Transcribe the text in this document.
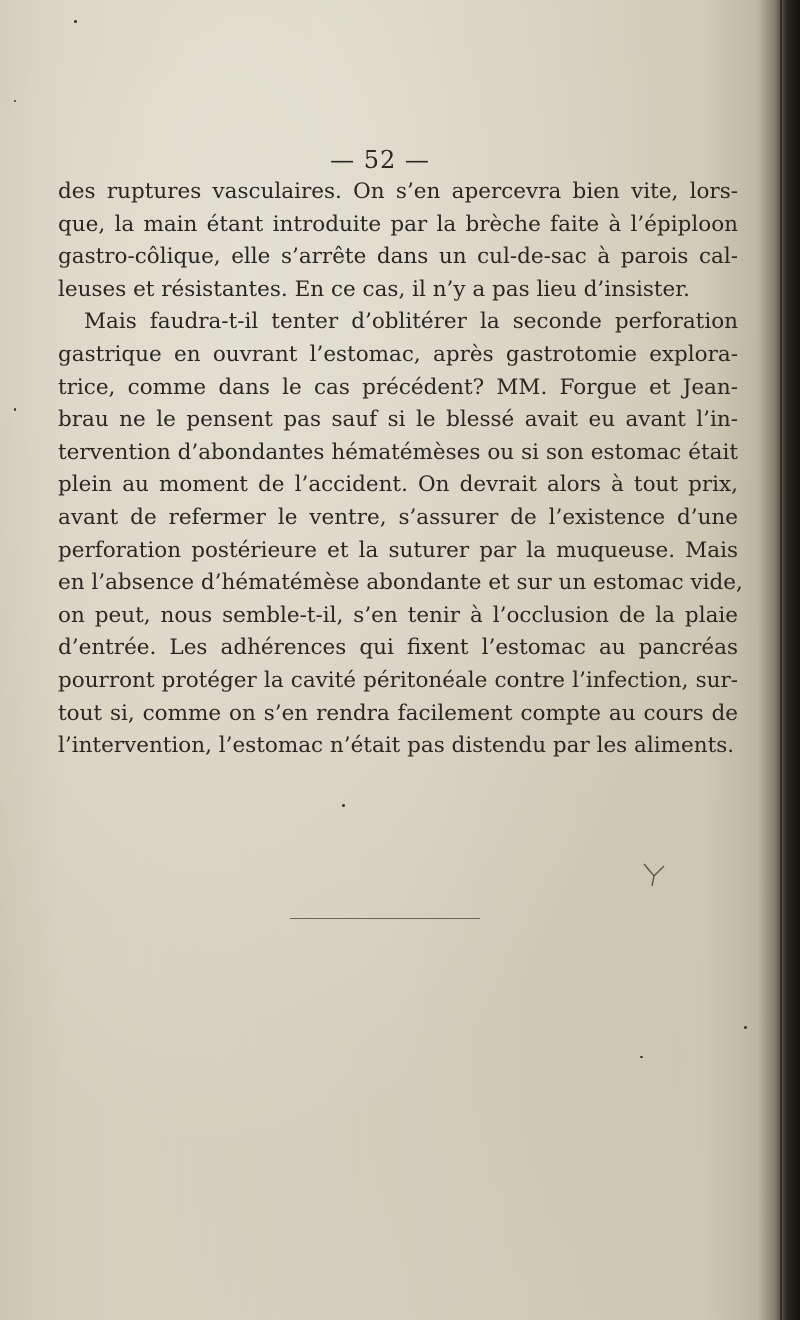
— 52 —
des ruptures vasculaires. On s’en apercevra bien vite, lors-
que, la main étant introduite par la brèche faite à l’épiploon
gastro-côlique, elle s’arrête dans un cul-de-sac à parois cal-
leuses et résistantes. En ce cas, il n’y a pas lieu d’insister.
Mais faudra-t-il tenter d’oblitérer la seconde perforation
gastrique en ouvrant l’estomac, après gastrotomie explora-
trice, comme dans le cas précédent? MM. Forgue et Jean-
brau ne le pensent pas sauf si le blessé avait eu avant l’in-
tervention d’abondantes hématémèses ou si son estomac était
plein au moment de l’accident. On devrait alors à tout prix,
avant de refermer le ventre, s’assurer de l’existence d’une
perforation postérieure et la suturer par la muqueuse. Mais
en l’absence d’hématémèse abondante et sur un estomac vide,
on peut, nous semble-t-il, s’en tenir à l’occlusion de la plaie
d’entrée. Les adhérences qui fixent l’estomac au pancréas
pourront protéger la cavité péritonéale contre l’infection, sur-
tout si, comme on s’en rendra facilement compte au cours de
l’intervention, l’estomac n’était pas distendu par les aliments.
